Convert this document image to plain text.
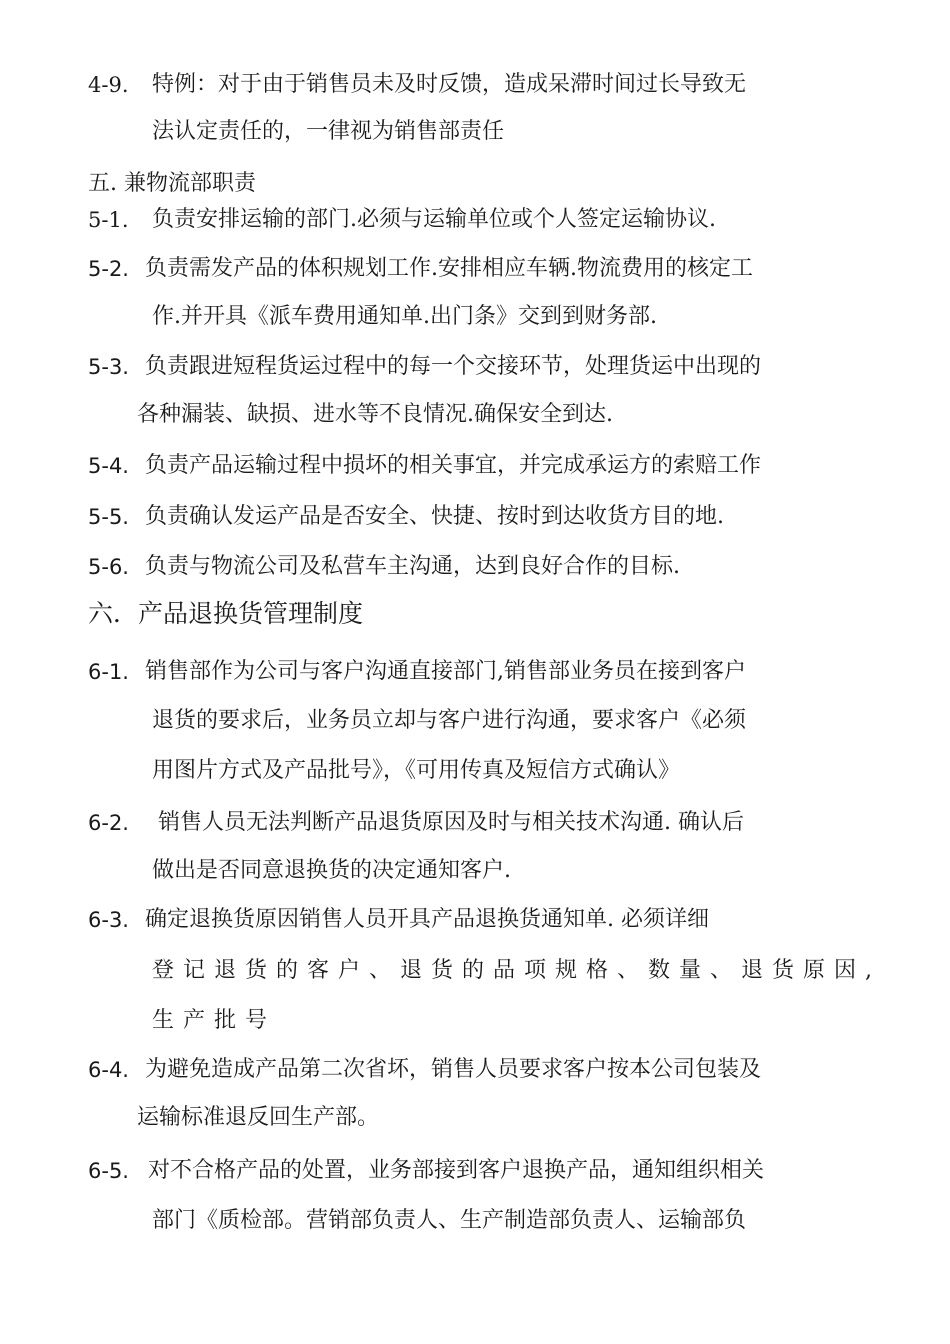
4-9. 特例：对于由于销售员未及时反馈，造成呆滞时间过长导致无
法认定责任的，一律视为销售部责任
五. 兼物流部职责
5-1. 负责安排运输的部门.必须与运输单位或个人签定运输协议.
5-2. 负责需发产品的体积规划工作.安排相应车辆.物流费用的核定工
作.并开具《派车费用通知单.出门条》交到到财务部.
5-3. 负责跟进短程货运过程中的每一个交接环节，处理货运中出现的
各种漏装、缺损、进水等不良情况.确保安全到达.
5-4. 负责产品运输过程中损坏的相关事宜，并完成承运方的索赔工作
5-5. 负责确认发运产品是否安全、快捷、按时到达收货方目的地.
5-6. 负责与物流公司及私营车主沟通，达到良好合作的目标.
六．产品退换货管理制度
6-1. 销售部作为公司与客户沟通直接部门,销售部业务员在接到客户
退货的要求后，业务员立却与客户进行沟通，要求客户《必须
用图片方式及产品批号》，《可用传真及短信方式确认》
6-2. 销售人员无法判断产品退货原因及时与相关技术沟通. 确认后
做出是否同意退换货的决定通知客户.
6-3. 确定退换货原因销售人员开具产品退换货通知单. 必须详细
登记退货的客户、退货的品项规格、数量、退货原因,
生产批号
6-4. 为避免造成产品第二次省坏，销售人员要求客户按本公司包装及
运输标准退反回生产部。
6-5. 对不合格产品的处置，业务部接到客户退换产品，通知组织相关
部门《质检部。营销部负责人、生产制造部负责人、运输部负
